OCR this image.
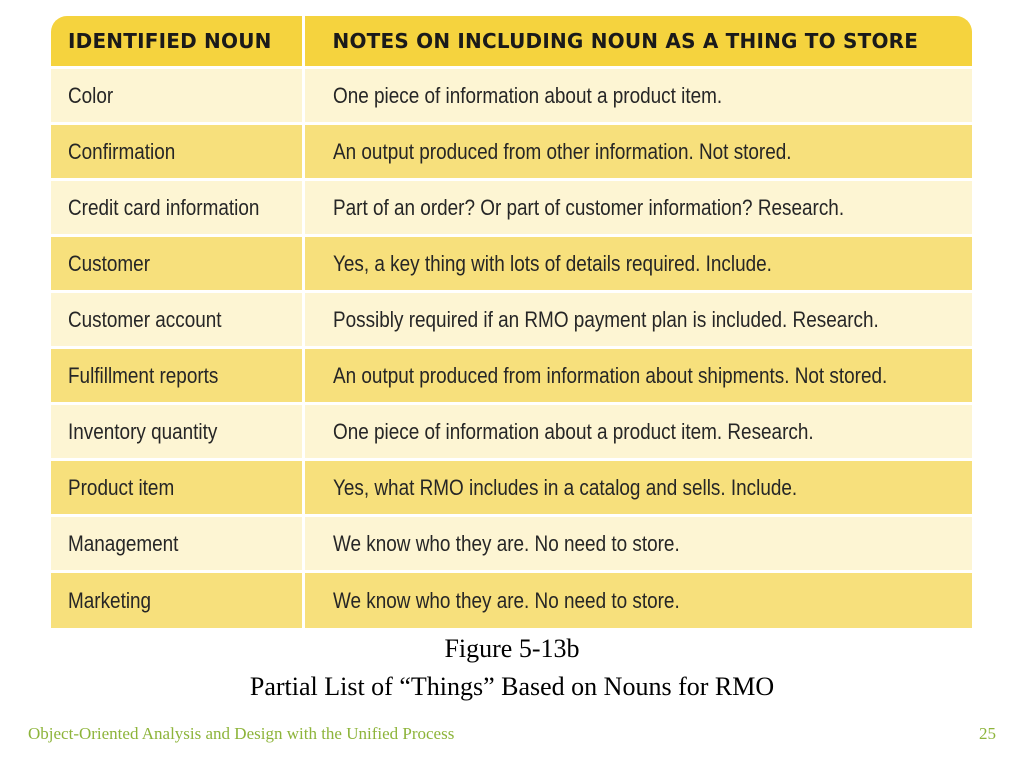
IDENTIFIED NOUN	NOTES ON INCLUDING NOUN AS A THING TO STORE
Color	One piece of information about a product item.
Confirmation	An output produced from other information. Not stored.
Credit card information	Part of an order? Or part of customer information? Research.
Customer	Yes, a key thing with lots of details required. Include.
Customer account	Possibly required if an RMO payment plan is included. Research.
Fulfillment reports	An output produced from information about shipments. Not stored.
Inventory quantity	One piece of information about a product item. Research.
Product item	Yes, what RMO includes in a catalog and sells. Include.
Management	We know who they are. No need to store.
Marketing	We know who they are. No need to store.
Figure 5-13b
Partial List of “Things” Based on Nouns for RMO
Object-Oriented Analysis and Design with the Unified Process	25
